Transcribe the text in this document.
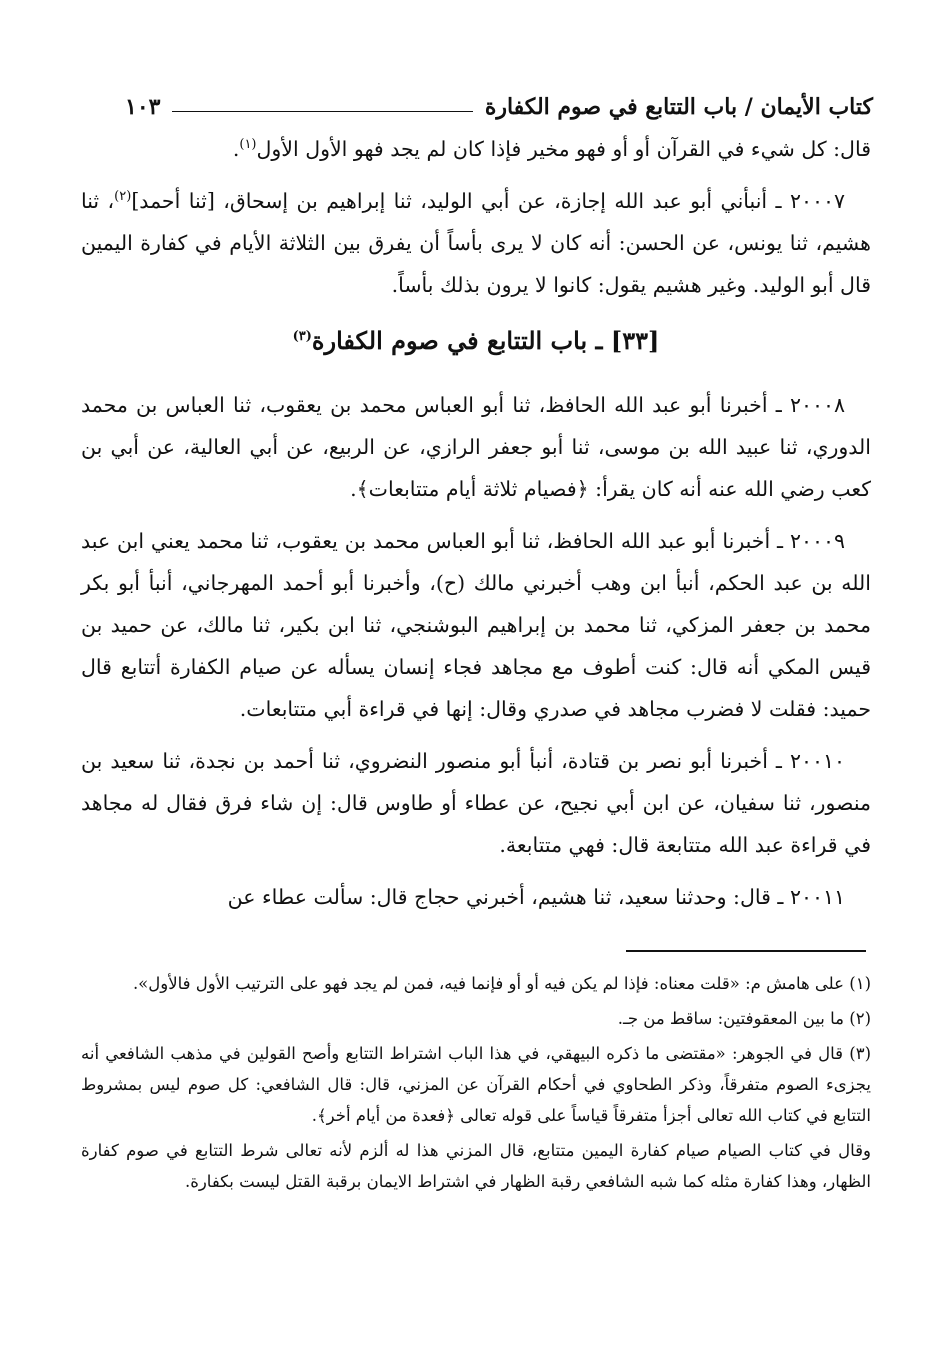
كتاب الأيمان / باب التتابع في صوم الكفارة
١٠٣

قال: كل شيء في القرآن أو أو فهو مخير فإذا كان لم يجد فهو الأول الأول$^{(١)}$.

٢٠٠٠٧ ـ أنبأني أبو عبد الله إجازة، عن أبي الوليد، ثنا إبراهيم بن إسحاق، [ثنا أحمد]$^{(٢)}$، ثنا هشيم، ثنا يونس، عن الحسن: أنه كان لا يرى بأساً أن يفرق بين الثلاثة الأيام في كفارة اليمين قال أبو الوليد. وغير هشيم يقول: كانوا لا يرون بذلك بأساً.

[٣٣] ـ باب التتابع في صوم الكفارة$^{(٣)}$

٢٠٠٠٨ ـ أخبرنا أبو عبد الله الحافظ، ثنا أبو العباس محمد بن يعقوب، ثنا العباس بن محمد الدوري، ثنا عبيد الله بن موسى، ثنا أبو جعفر الرازي، عن الربيع، عن أبي العالية، عن أبي بن كعب رضي الله عنه أنه كان يقرأ: ﴿فصيام ثلاثة أيام متتابعات﴾.

٢٠٠٠٩ ـ أخبرنا أبو عبد الله الحافظ، ثنا أبو العباس محمد بن يعقوب، ثنا محمد يعني ابن عبد الله بن عبد الحكم، أنبأ ابن وهب أخبرني مالك (ح)، وأخبرنا أبو أحمد المهرجاني، أنبأ أبو بكر محمد بن جعفر المزكي، ثنا محمد بن إبراهيم البوشنجي، ثنا ابن بكير، ثنا مالك، عن حميد بن قيس المكي أنه قال: كنت أطوف مع مجاهد فجاء إنسان يسأله عن صيام الكفارة أتتابع قال حميد: فقلت لا فضرب مجاهد في صدري وقال: إنها في قراءة أبي متتابعات.

٢٠٠١٠ ـ أخبرنا أبو نصر بن قتادة، أنبأ أبو منصور النضروي، ثنا أحمد بن نجدة، ثنا سعيد بن منصور، ثنا سفيان، عن ابن أبي نجيح، عن عطاء أو طاوس قال: إن شاء فرق فقال له مجاهد في قراءة عبد الله متتابعة قال: فهي متتابعة.

٢٠٠١١ ـ قال: وحدثنا سعيد، ثنا هشيم، أخبرني حجاج قال: سألت عطاء عن

(١) على هامش م: «قلت معناه: فإذا لم يكن فيه أو أو فإنما فيه، فمن لم يجد فهو على الترتيب الأول فالأول».

(٢) ما بين المعقوفتين: ساقط من جـ.

(٣) قال في الجوهر: «مقتضى ما ذكره البيهقي، في هذا الباب اشتراط التتابع وأصح القولين في مذهب الشافعي أنه يجزىء الصوم متفرقاً، وذكر الطحاوي في أحكام القرآن عن المزني، قال: قال الشافعي: كل صوم ليس بمشروط التتابع في كتاب الله تعالى أجزأ متفرقاً قياساً على قوله تعالى ﴿فعدة من أيام أخر﴾.

وقال في كتاب الصيام صيام كفارة اليمين متتابع، قال المزني هذا له ألزم لأنه تعالى شرط التتابع في صوم كفارة الظهار، وهذا كفارة مثله كما شبه الشافعي رقبة الظهار في اشتراط الايمان برقبة القتل ليست بكفارة.
